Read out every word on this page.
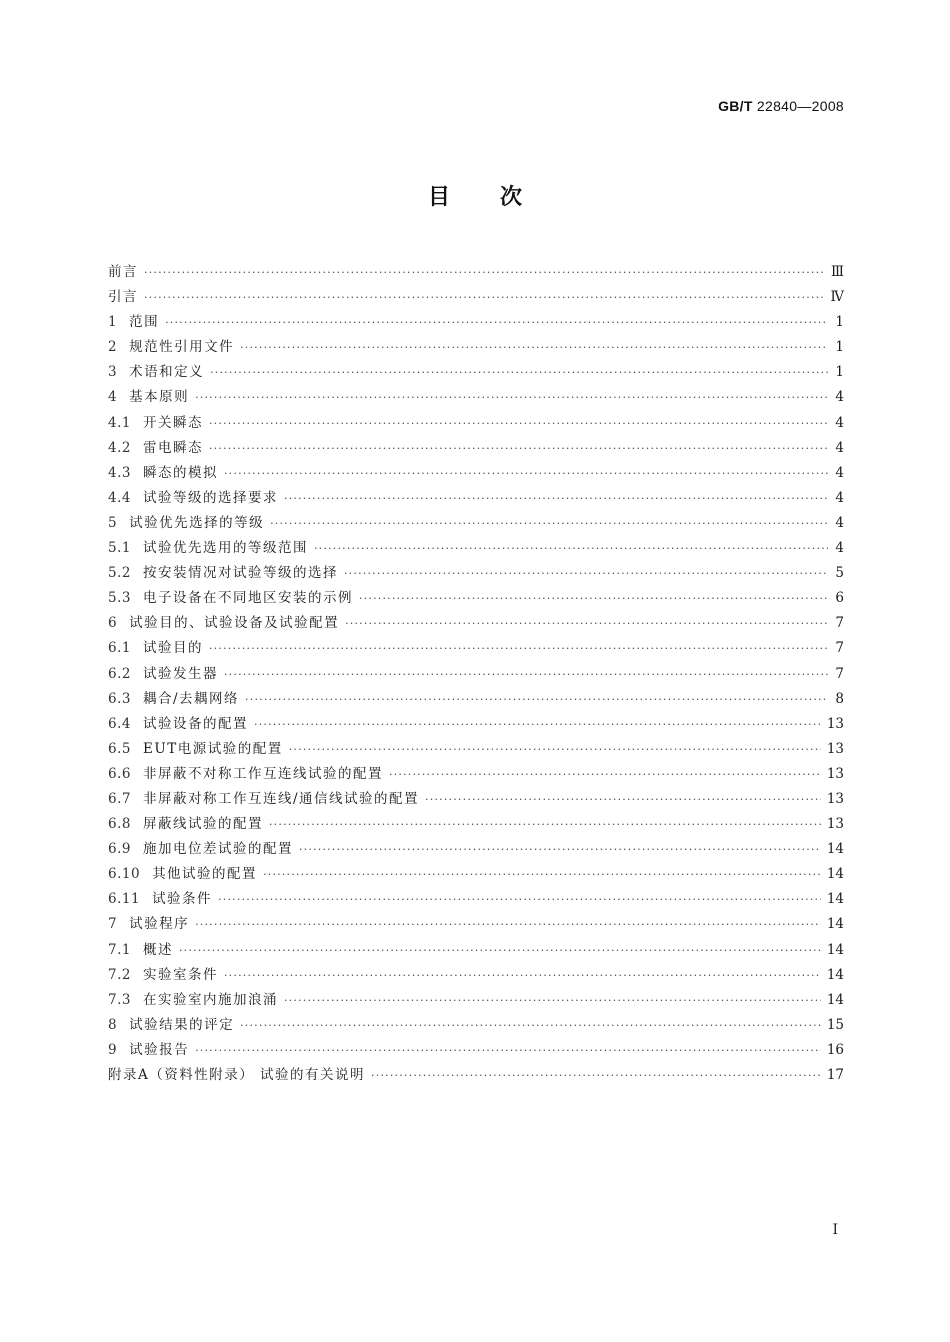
GB/T 22840—2008
目次
前言 ·····	Ⅲ
引言 ·····	Ⅳ
1 范围 ·····	1
2 规范性引用文件 ·····	1
3 术语和定义 ·····	1
4 基本原则 ·····	4
4.1 开关瞬态 ·····	4
4.2 雷电瞬态 ·····	4
4.3 瞬态的模拟 ·····	4
4.4 试验等级的选择要求 ·····	4
5 试验优先选择的等级 ·····	4
5.1 试验优先选用的等级范围 ·····	4
5.2 按安装情况对试验等级的选择 ·····	5
5.3 电子设备在不同地区安装的示例 ·····	6
6 试验目的、试验设备及试验配置 ·····	7
6.1 试验目的 ·····	7
6.2 试验发生器 ·····	7
6.3 耦合/去耦网络 ·····	8
6.4 试验设备的配置 ·····	13
6.5 EUT电源试验的配置 ·····	13
6.6 非屏蔽不对称工作互连线试验的配置 ·····	13
6.7 非屏蔽对称工作互连线/通信线试验的配置 ·····	13
6.8 屏蔽线试验的配置 ·····	13
6.9 施加电位差试验的配置 ·····	14
6.10 其他试验的配置 ·····	14
6.11 试验条件 ·····	14
7 试验程序 ·····	14
7.1 概述 ·····	14
7.2 实验室条件 ·····	14
7.3 在实验室内施加浪涌 ·····	14
8 试验结果的评定 ·····	15
9 试验报告 ·····	16
附录A（资料性附录） 试验的有关说明 ·····	17
I
